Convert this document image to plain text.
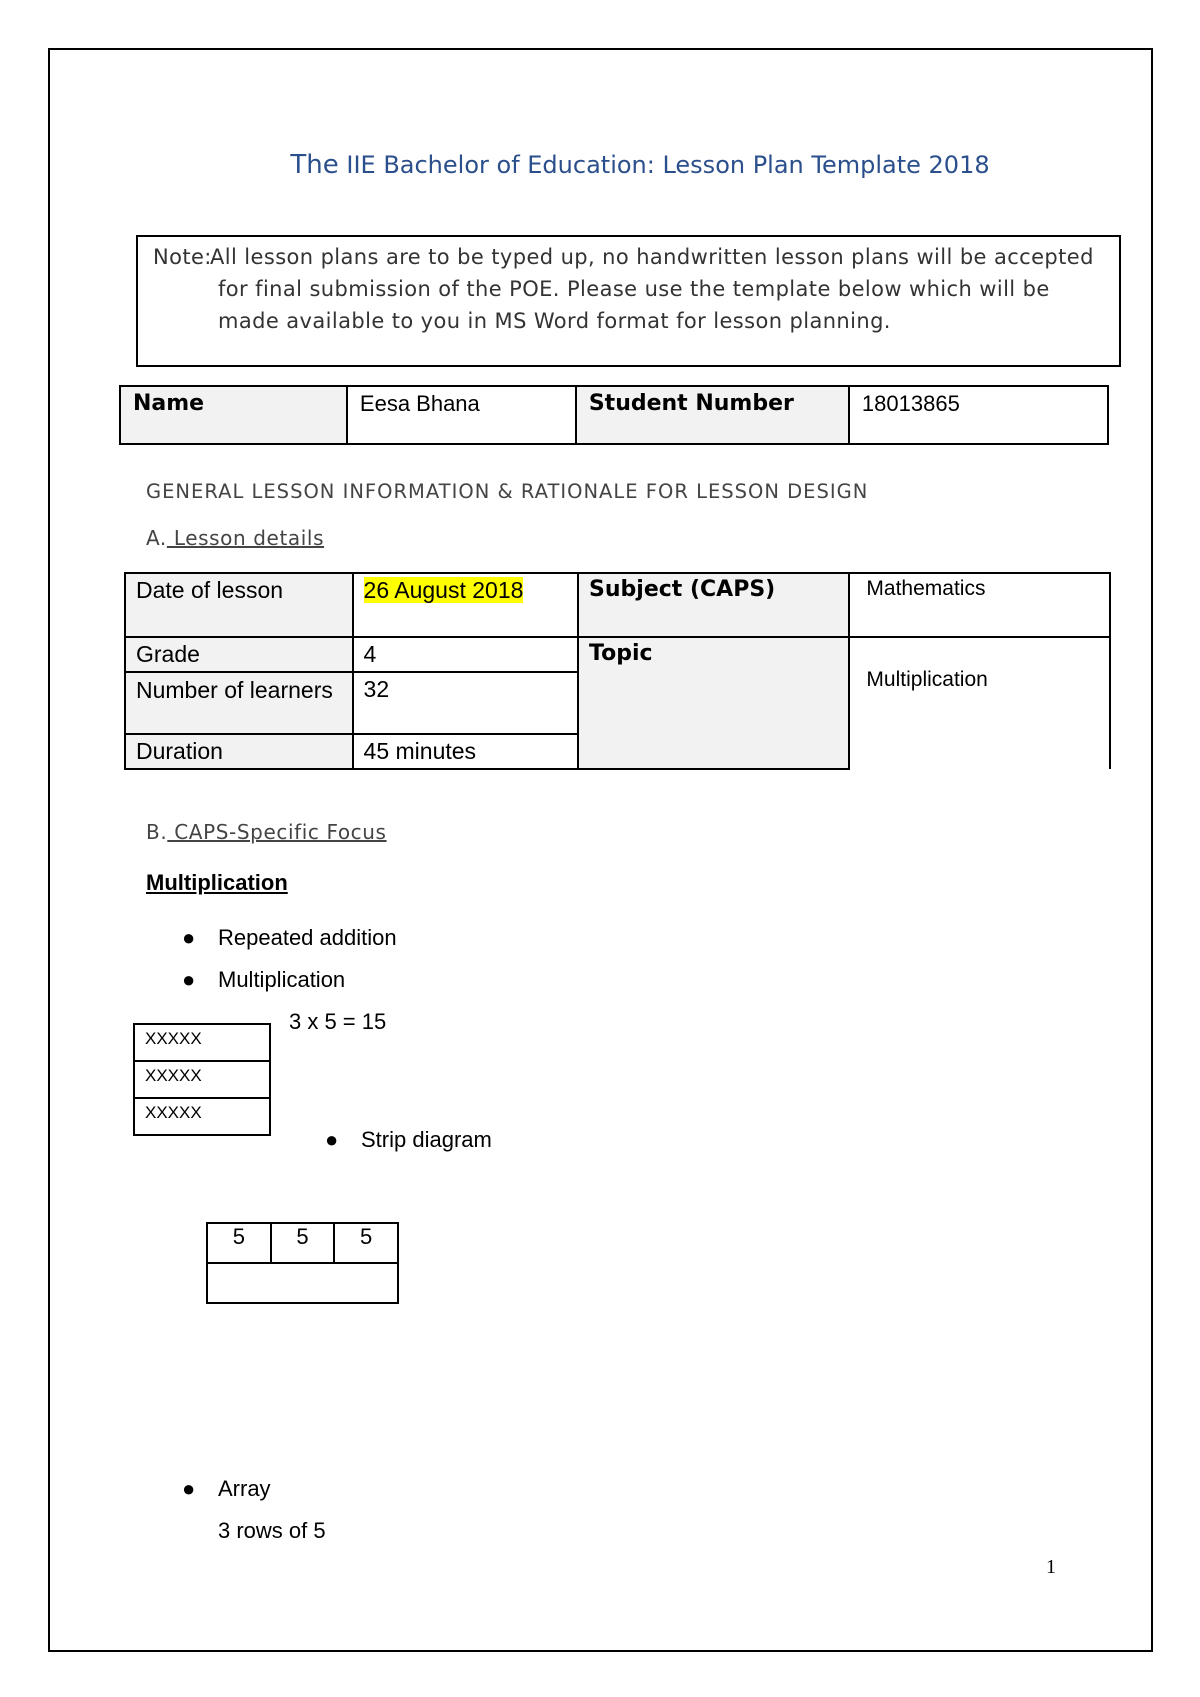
The IIE Bachelor of Education: Lesson Plan Template 2018
Note:
All lesson plans are to be typed up, no handwritten lesson plans will be accepted for final submission of the POE. Please use the template below which will be made available to you in MS Word format for lesson planning.
Name	Eesa Bhana	Student Number	18013865
GENERAL LESSON INFORMATION & RATIONALE FOR LESSON DESIGN
A. Lesson details
Date of lesson	26 August 2018	Subject (CAPS)	Mathematics
Grade	4	Topic	Multiplication
Number of learners	32		
Duration	45 minutes		
B. CAPS-Specific Focus
Multiplication
● Repeated addition
● Multiplication
3 x 5 = 15
XXXXX
XXXXX
XXXXX
● Strip diagram
5	5	5

● Array
3 rows of 5
1
